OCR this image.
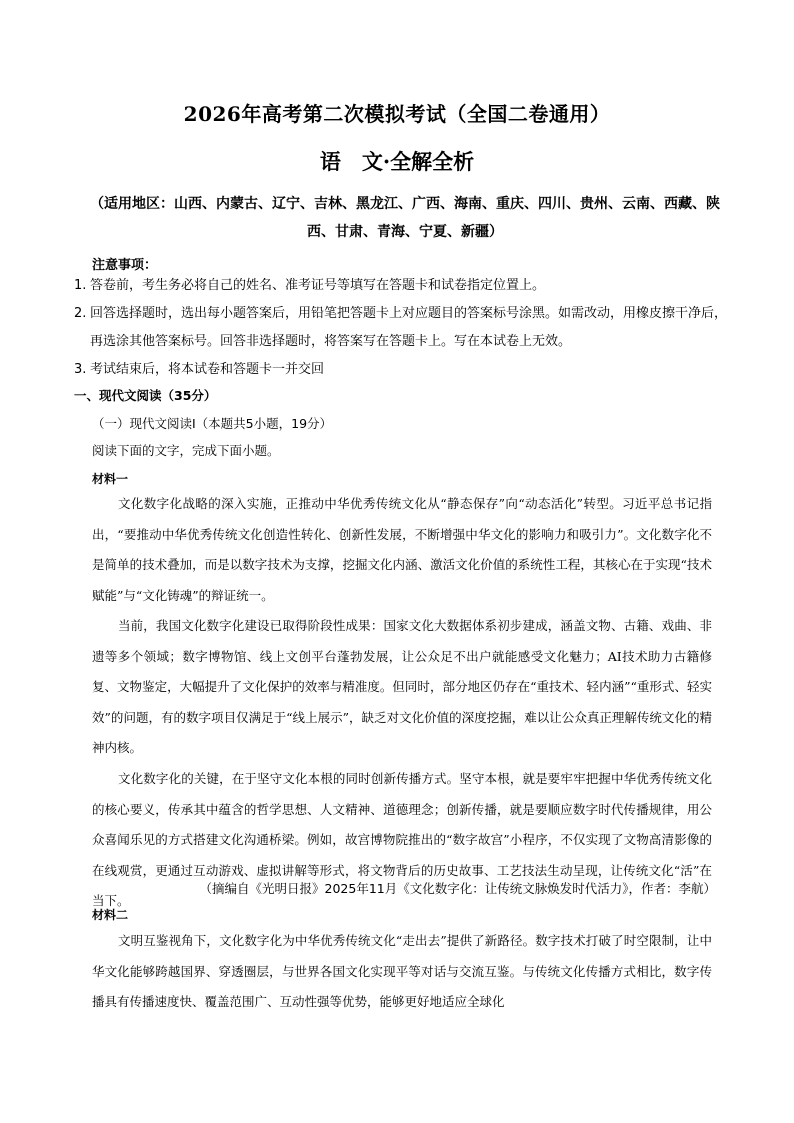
2026年高考第二次模拟考试（全国二卷通用）
语　文·全解全析
（适用地区：山西、内蒙古、辽宁、吉林、黑龙江、广西、海南、重庆、四川、贵州、云南、西藏、陕西、甘肃、青海、宁夏、新疆）
注意事项：
1. 答卷前，考生务必将自己的姓名、准考证号等填写在答题卡和试卷指定位置上。
2. 回答选择题时，选出每小题答案后，用铅笔把答题卡上对应题目的答案标号涂黑。如需改动，用橡皮擦干净后，再选涂其他答案标号。回答非选择题时，将答案写在答题卡上。写在本试卷上无效。
3. 考试结束后，将本试卷和答题卡一并交回
一、现代文阅读（35分）
（一）现代文阅读Ⅰ（本题共5小题，19分）
阅读下面的文字，完成下面小题。
材料一
文化数字化战略的深入实施，正推动中华优秀传统文化从“静态保存”向“动态活化”转型。习近平总书记指出，“要推动中华优秀传统文化创造性转化、创新性发展，不断增强中华文化的影响力和吸引力”。文化数字化不是简单的技术叠加，而是以数字技术为支撑，挖掘文化内涵、激活文化价值的系统性工程，其核心在于实现“技术赋能”与“文化铸魂”的辩证统一。
当前，我国文化数字化建设已取得阶段性成果：国家文化大数据体系初步建成，涵盖文物、古籍、戏曲、非遗等多个领域；数字博物馆、线上文创平台蓬勃发展，让公众足不出户就能感受文化魅力；AI技术助力古籍修复、文物鉴定，大幅提升了文化保护的效率与精准度。但同时，部分地区仍存在“重技术、轻内涵”“重形式、轻实效”的问题，有的数字项目仅满足于“线上展示”，缺乏对文化价值的深度挖掘，难以让公众真正理解传统文化的精神内核。
文化数字化的关键，在于坚守文化本根的同时创新传播方式。坚守本根，就是要牢牢把握中华优秀传统文化的核心要义，传承其中蕴含的哲学思想、人文精神、道德理念；创新传播，就是要顺应数字时代传播规律，用公众喜闻乐见的方式搭建文化沟通桥梁。例如，故宫博物院推出的“数字故宫”小程序，不仅实现了文物高清影像的在线观赏，更通过互动游戏、虚拟讲解等形式，将文物背后的历史故事、工艺技法生动呈现，让传统文化“活”在当下。
（摘编自《光明日报》2025年11月《文化数字化：让传统文脉焕发时代活力》，作者：李航）
材料二
文明互鉴视角下，文化数字化为中华优秀传统文化“走出去”提供了新路径。数字技术打破了时空限制，让中华文化能够跨越国界、穿透圈层，与世界各国文化实现平等对话与交流互鉴。与传统文化传播方式相比，数字传播具有传播速度快、覆盖范围广、互动性强等优势，能够更好地适应全球化
